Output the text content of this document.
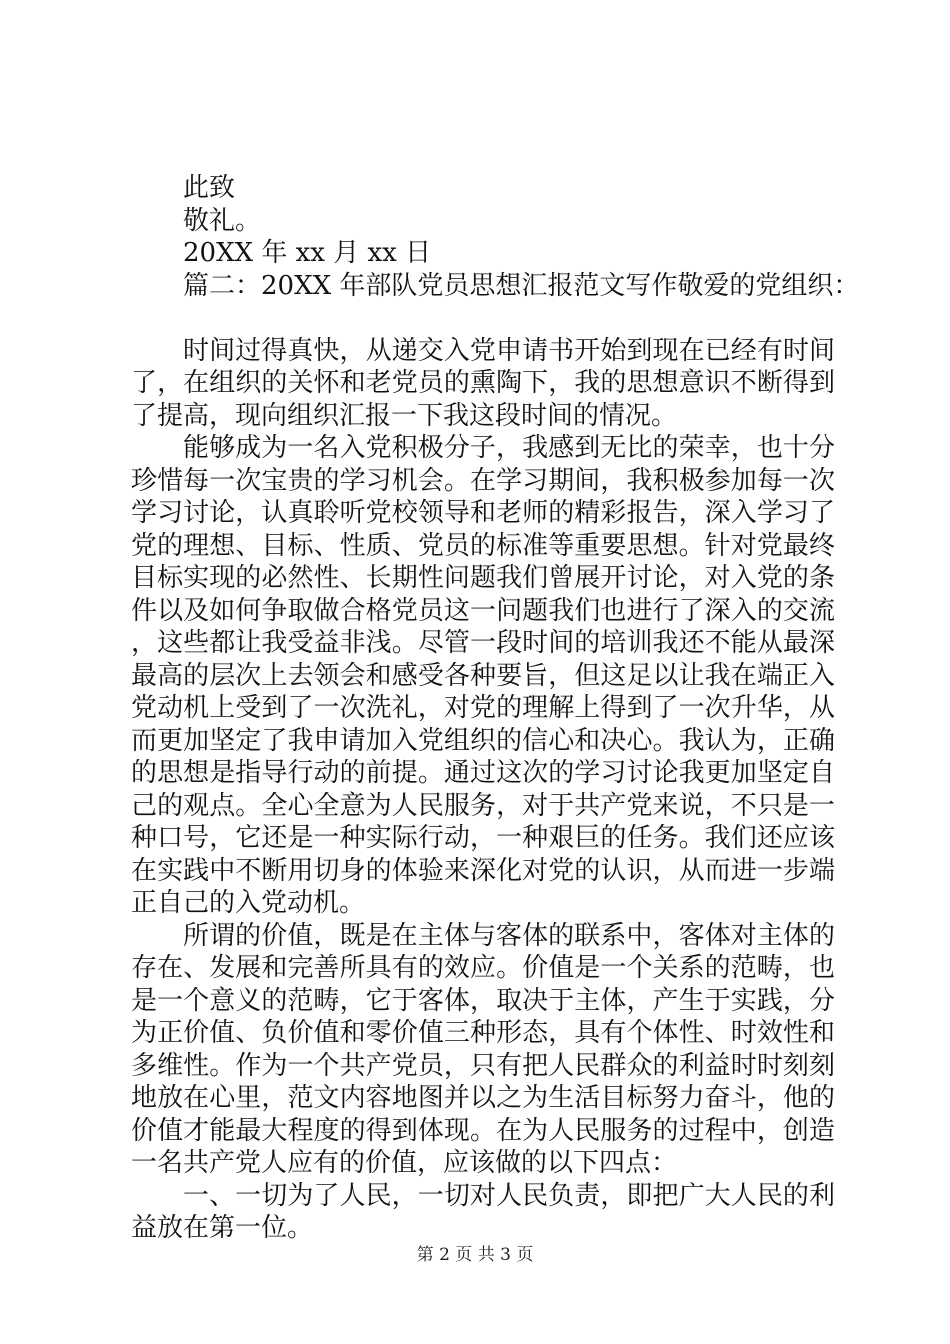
此致
敬礼。
20XX 年 xx 月 xx 日
篇二：20XX 年部队党员思想汇报范文写作敬爱的党组织：

时间过得真快，从递交入党申请书开始到现在已经有时间了，在组织的关怀和老党员的熏陶下，我的思想意识不断得到了提高，现向组织汇报一下我这段时间的情况。

能够成为一名入党积极分子，我感到无比的荣幸，也十分珍惜每一次宝贵的学习机会。在学习期间，我积极参加每一次学习讨论，认真聆听党校领导和老师的精彩报告，深入学习了党的理想、目标、性质、党员的标准等重要思想。针对党最终目标实现的必然性、长期性问题我们曾展开讨论，对入党的条件以及如何争取做合格党员这一问题我们也进行了深入的交流，这些都让我受益非浅。尽管一段时间的培训我还不能从最深最高的层次上去领会和感受各种要旨，但这足以让我在端正入党动机上受到了一次洗礼，对党的理解上得到了一次升华，从而更加坚定了我申请加入党组织的信心和决心。我认为，正确的思想是指导行动的前提。通过这次的学习讨论我更加坚定自己的观点。全心全意为人民服务，对于共产党来说，不只是一种口号，它还是一种实际行动，一种艰巨的任务。我们还应该在实践中不断用切身的体验来深化对党的认识，从而进一步端正自己的入党动机。

所谓的价值，既是在主体与客体的联系中，客体对主体的存在、发展和完善所具有的效应。价值是一个关系的范畴，也是一个意义的范畴，它于客体，取决于主体，产生于实践，分为正价值、负价值和零价值三种形态，具有个体性、时效性和多维性。作为一个共产党员，只有把人民群众的利益时时刻刻地放在心里，范文内容地图并以之为生活目标努力奋斗，他的价值才能最大程度的得到体现。在为人民服务的过程中，创造一名共产党人应有的价值，应该做的以下四点：

一、一切为了人民，一切对人民负责，即把广大人民的利益放在第一位。

第 2 页 共 3 页
